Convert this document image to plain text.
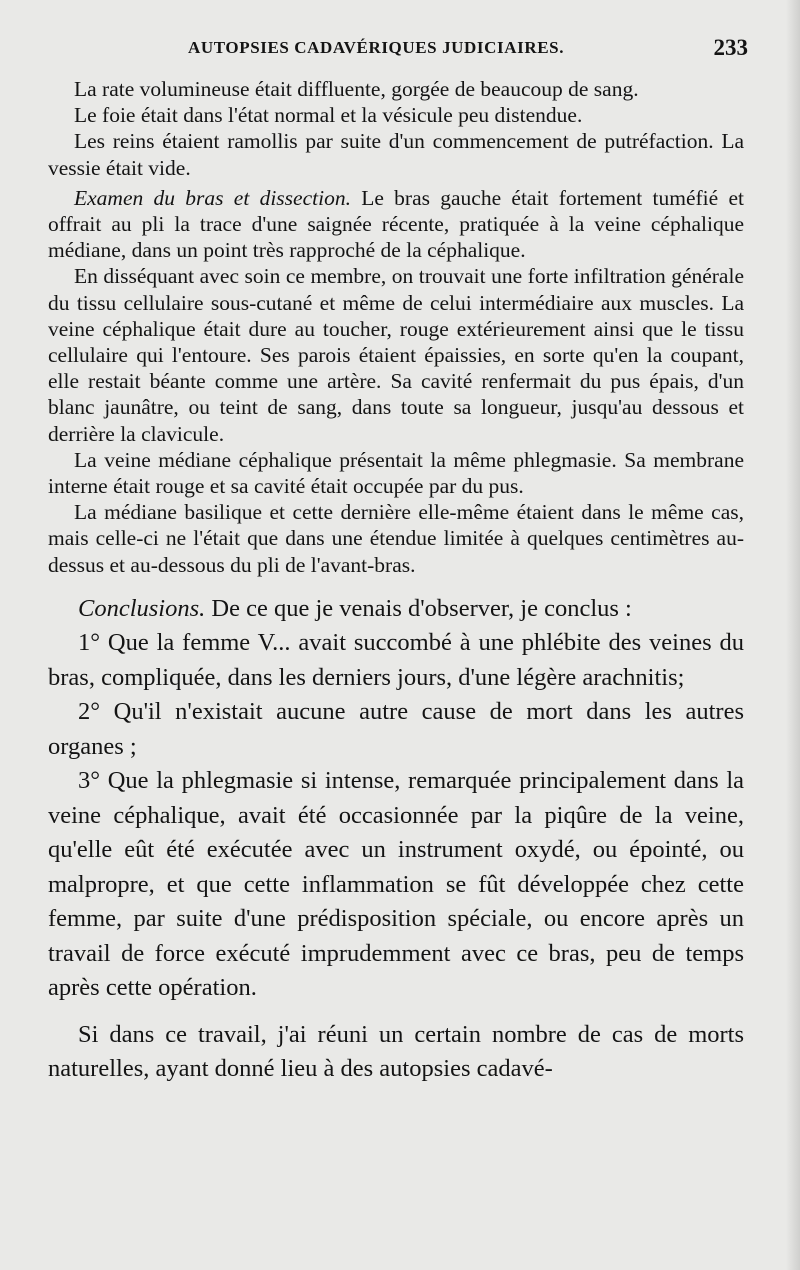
AUTOPSIES CADAVÉRIQUES JUDICIAIRES.	233

La rate volumineuse était diffluente, gorgée de beaucoup de sang.

Le foie était dans l'état normal et la vésicule peu distendue.

Les reins étaient ramollis par suite d'un commencement de putréfaction. La vessie était vide.

Examen du bras et dissection. Le bras gauche était fortement tuméfié et offrait au pli la trace d'une saignée récente, pratiquée à la veine céphalique médiane, dans un point très rapproché de la céphalique.

En disséquant avec soin ce membre, on trouvait une forte infiltration générale du tissu cellulaire sous-cutané et même de celui intermédiaire aux muscles. La veine céphalique était dure au toucher, rouge extérieurement ainsi que le tissu cellulaire qui l'entoure. Ses parois étaient épaissies, en sorte qu'en la coupant, elle restait béante comme une artère. Sa cavité renfermait du pus épais, d'un blanc jaunâtre, ou teint de sang, dans toute sa longueur, jusqu'au dessous et derrière la clavicule.

La veine médiane céphalique présentait la même phlegmasie. Sa membrane interne était rouge et sa cavité était occupée par du pus.

La médiane basilique et cette dernière elle-même étaient dans le même cas, mais celle-ci ne l'était que dans une étendue limitée à quelques centimètres au-dessus et au-dessous du pli de l'avant-bras.

Conclusions. De ce que je venais d'observer, je conclus :

1° Que la femme V... avait succombé à une phlébite des veines du bras, compliquée, dans les derniers jours, d'une légère arachnitis;

2° Qu'il n'existait aucune autre cause de mort dans les autres organes ;

3° Que la phlegmasie si intense, remarquée principalement dans la veine céphalique, avait été occasionnée par la piqûre de la veine, qu'elle eût été exécutée avec un instrument oxydé, ou épointé, ou malpropre, et que cette inflammation se fût développée chez cette femme, par suite d'une prédisposition spéciale, ou encore après un travail de force exécuté imprudemment avec ce bras, peu de temps après cette opération.

Si dans ce travail, j'ai réuni un certain nombre de cas de morts naturelles, ayant donné lieu à des autopsies cadavé-
